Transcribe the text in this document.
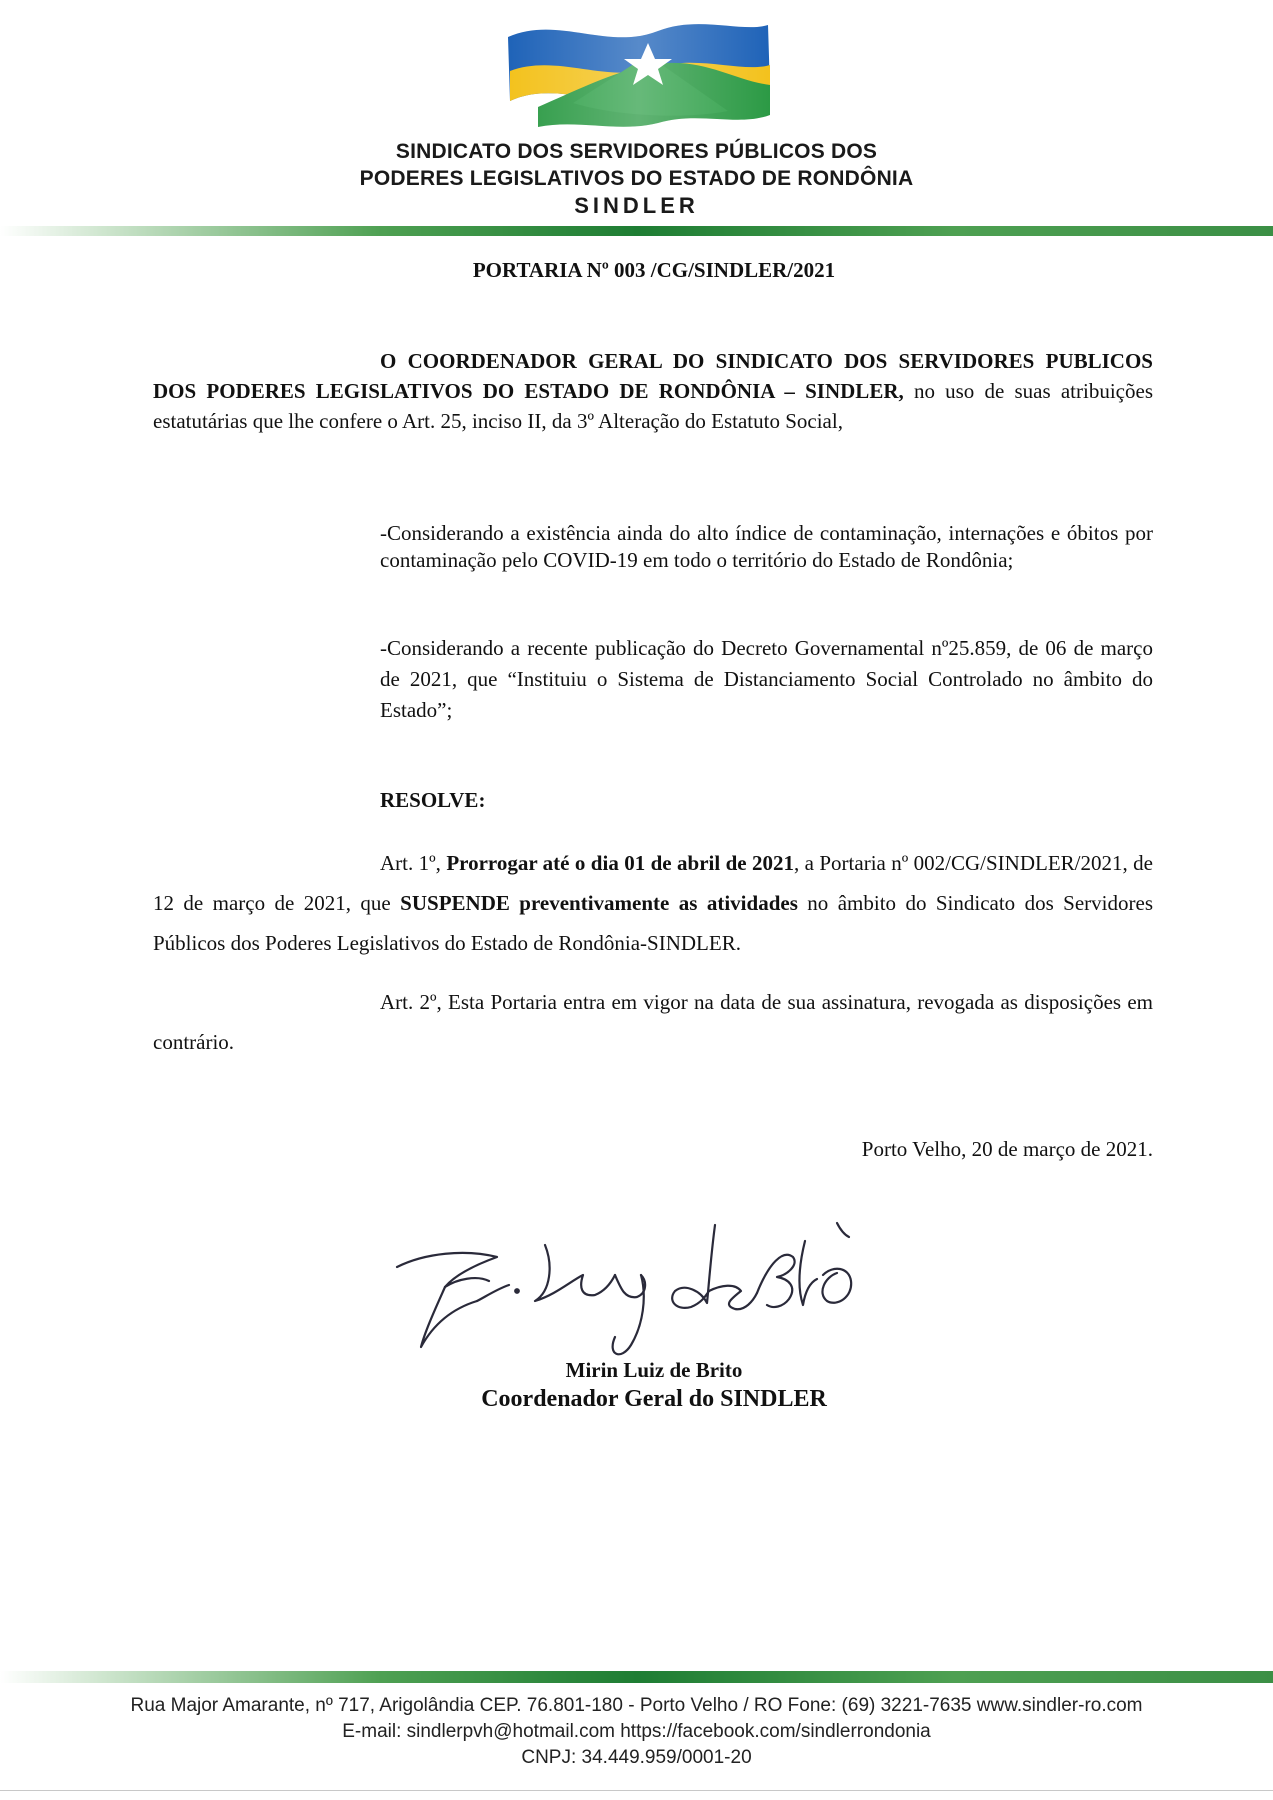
SINDICATO DOS SERVIDORES PÚBLICOS DOS
PODERES LEGISLATIVOS DO ESTADO DE RONDÔNIA
SINDLER
PORTARIA Nº 003 /CG/SINDLER/2021

O COORDENADOR GERAL DO SINDICATO DOS SERVIDORES PUBLICOS DOS PODERES LEGISLATIVOS DO ESTADO DE RONDÔNIA – SINDLER, no uso de suas atribuições estatutárias que lhe confere o Art. 25, inciso II, da 3º Alteração do Estatuto Social,

-Considerando a existência ainda do alto índice de contaminação, internações e óbitos por contaminação pelo COVID-19 em todo o território do Estado de Rondônia;

-Considerando a recente publicação do Decreto Governamental nº25.859, de 06 de março de 2021, que “Instituiu o Sistema de Distanciamento Social Controlado no âmbito do Estado”;

RESOLVE:

Art. 1º, Prorrogar até o dia 01 de abril de 2021, a Portaria nº 002/CG/SINDLER/2021, de 12 de março de 2021, que SUSPENDE preventivamente as atividades no âmbito do Sindicato dos Servidores Públicos dos Poderes Legislativos do Estado de Rondônia-SINDLER.

Art. 2º, Esta Portaria entra em vigor na data de sua assinatura, revogada as disposições em contrário.

Porto Velho, 20 de março de 2021.
Mirin Luiz de Brito
Coordenador Geral do SINDLER
Rua Major Amarante, nº 717, Arigolândia CEP. 76.801-180 - Porto Velho / RO Fone: (69) 3221-7635 www.sindler-ro.com
E-mail: sindlerpvh@hotmail.com https://facebook.com/sindlerrondonia
CNPJ: 34.449.959/0001-20
